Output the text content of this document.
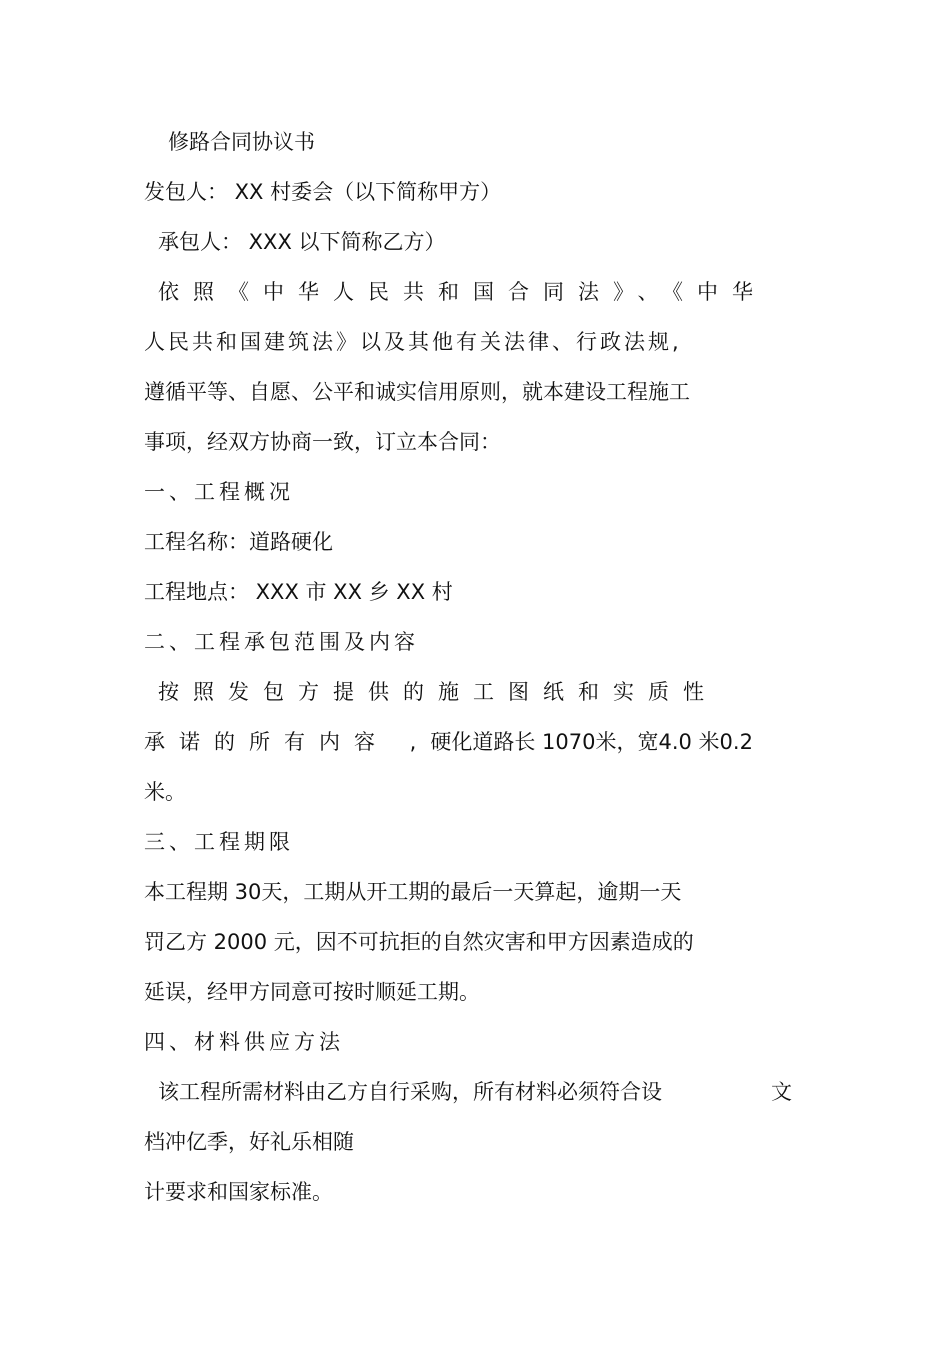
修路合同协议书
发包人： XX 村委会（以下简称甲方）
承包人： XXX 以下简称乙方）
依照《中华人民共和国合同法》、《中华
人民共和国建筑法》以及其他有关法律、行政法规,
遵循平等、自愿、公平和诚实信用原则，就本建设工程施工
事项，经双方协商一致，订立本合同：
一、工程概况
工程名称：道路硬化
工程地点： XXX 市 XX 乡 XX 村
二、工程承包范围及内容
按照发包方提供的施工图纸和实质性
承诺的所有内容 ,硬化道路长 1070米，宽4.0 米0.2
米。
三、工程期限
本工程期 30天，工期从开工期的最后一天算起，逾期一天
罚乙方 2000 元，因不可抗拒的自然灾害和甲方因素造成的
延误，经甲方同意可按时顺延工期。
四、材料供应方法
该工程所需材料由乙方自行采购，所有材料必须符合设	文
档冲亿季，好礼乐相随
计要求和国家标准。
